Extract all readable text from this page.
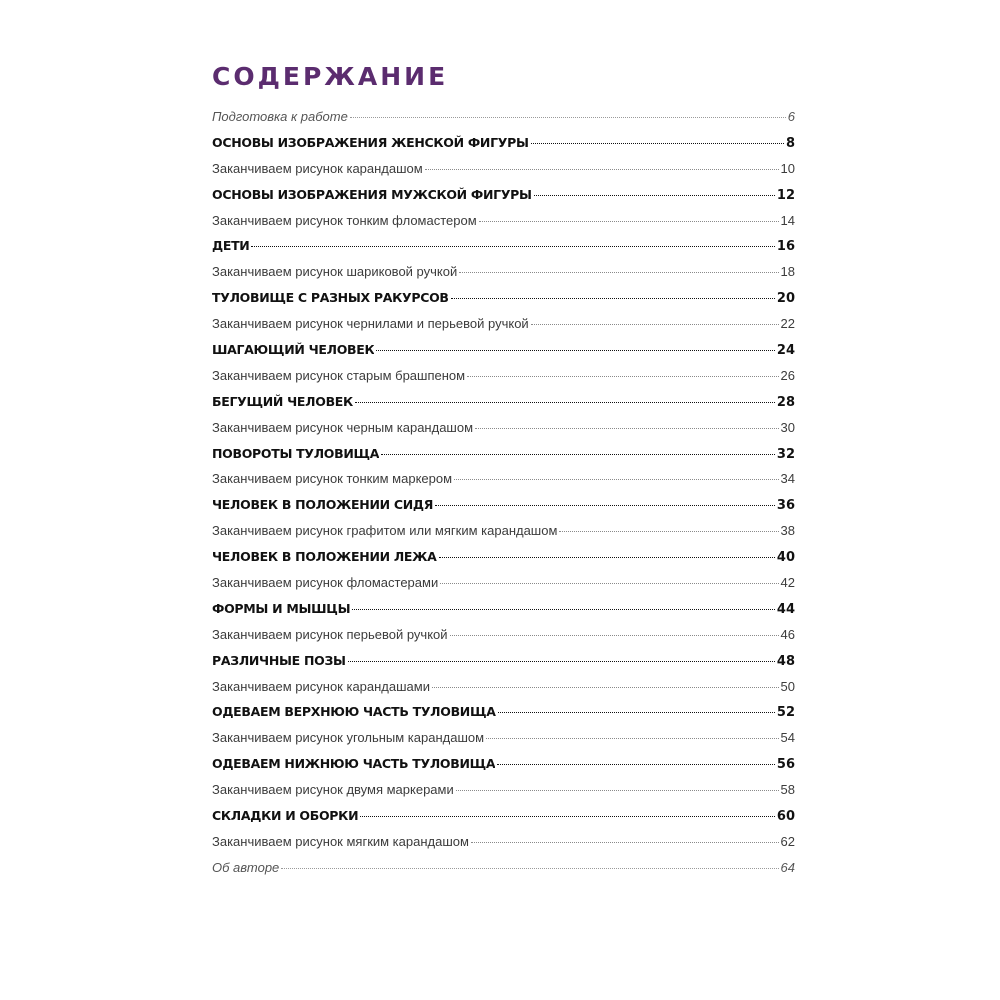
СОДЕРЖАНИЕ
Подготовка к работе	6
ОСНОВЫ ИЗОБРАЖЕНИЯ ЖЕНСКОЙ ФИГУРЫ	8
Заканчиваем рисунок карандашом	10
ОСНОВЫ ИЗОБРАЖЕНИЯ МУЖСКОЙ ФИГУРЫ	12
Заканчиваем рисунок тонким фломастером	14
ДЕТИ	16
Заканчиваем рисунок шариковой ручкой	18
ТУЛОВИЩЕ С РАЗНЫХ РАКУРСОВ	20
Заканчиваем рисунок чернилами и перьевой ручкой	22
ШАГАЮЩИЙ ЧЕЛОВЕК	24
Заканчиваем рисунок старым брашпеном	26
БЕГУЩИЙ ЧЕЛОВЕК	28
Заканчиваем рисунок черным карандашом	30
ПОВОРОТЫ ТУЛОВИЩА	32
Заканчиваем рисунок тонким маркером	34
ЧЕЛОВЕК В ПОЛОЖЕНИИ СИДЯ	36
Заканчиваем рисунок графитом или мягким карандашом	38
ЧЕЛОВЕК В ПОЛОЖЕНИИ ЛЕЖА	40
Заканчиваем рисунок фломастерами	42
ФОРМЫ И МЫШЦЫ	44
Заканчиваем рисунок перьевой ручкой	46
РАЗЛИЧНЫЕ ПОЗЫ	48
Заканчиваем рисунок карандашами	50
ОДЕВАЕМ ВЕРХНЮЮ ЧАСТЬ ТУЛОВИЩА	52
Заканчиваем рисунок угольным карандашом	54
ОДЕВАЕМ НИЖНЮЮ ЧАСТЬ ТУЛОВИЩА	56
Заканчиваем рисунок двумя маркерами	58
СКЛАДКИ И ОБОРКИ	60
Заканчиваем рисунок мягким карандашом	62
Об авторе	64
